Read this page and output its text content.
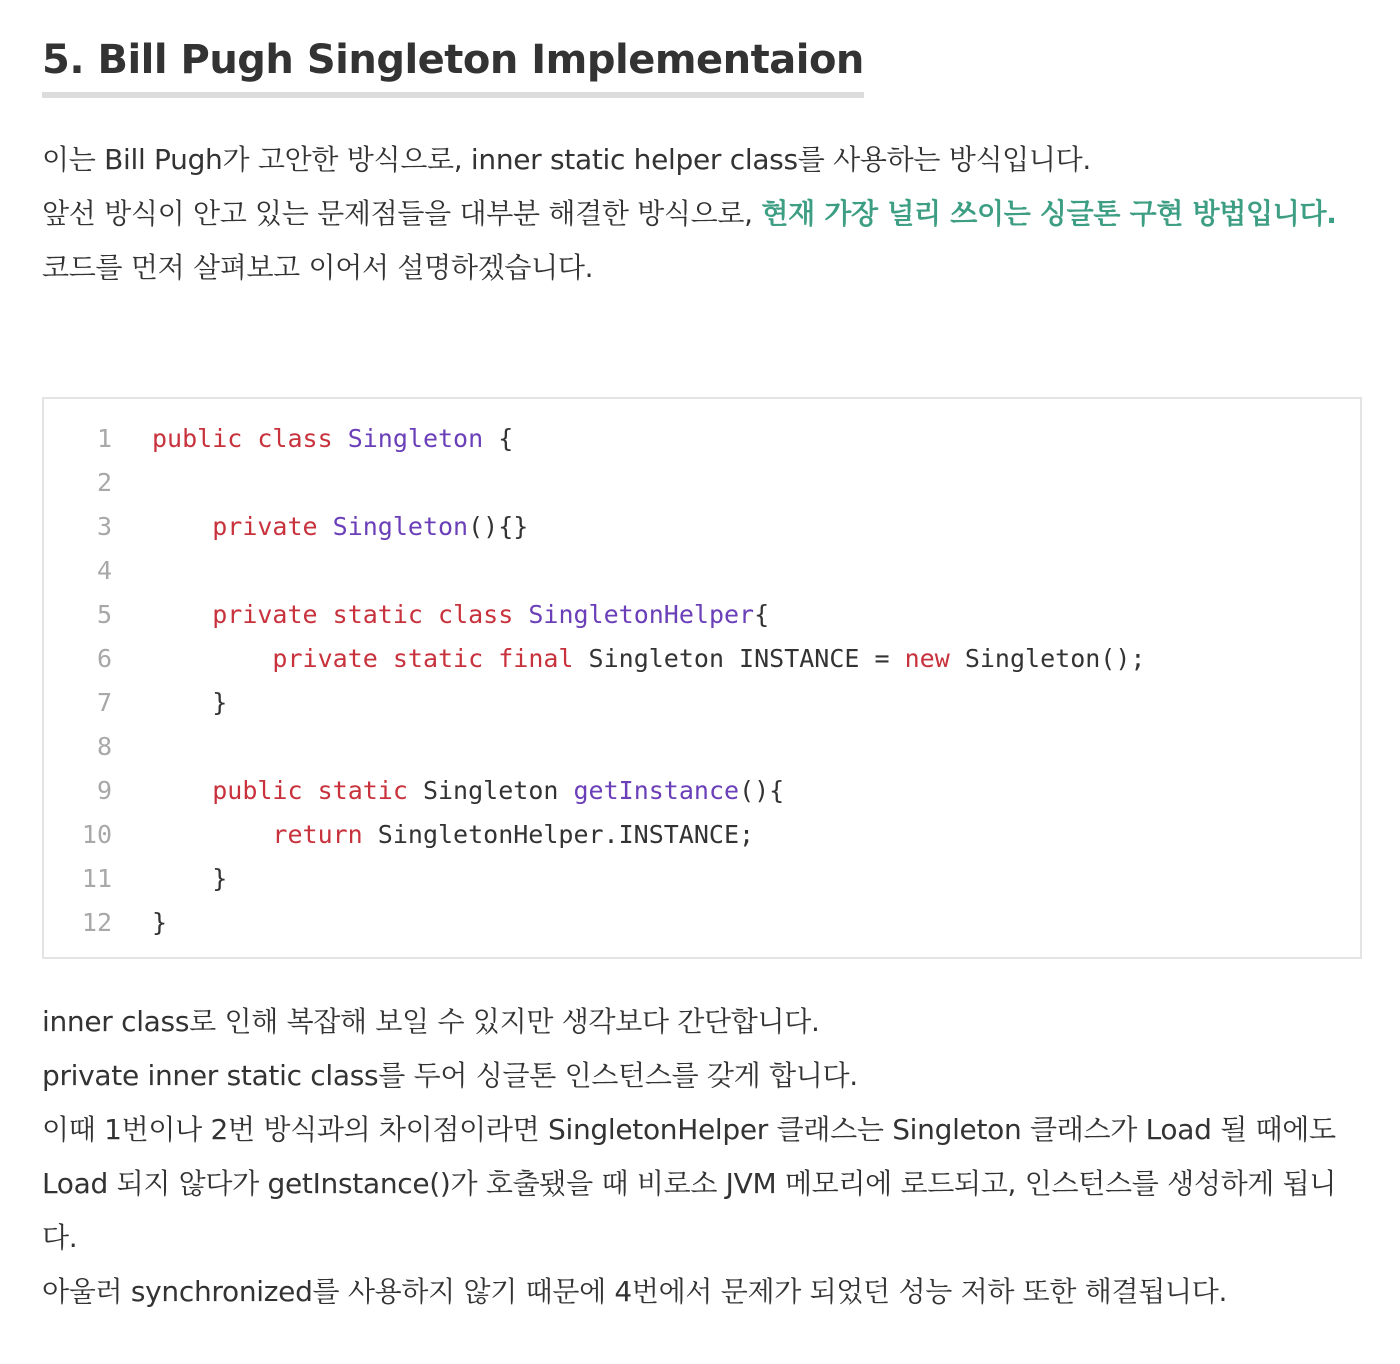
5. Bill Pugh Singleton Implementaion
이는 Bill Pugh가 고안한 방식으로, inner static helper class를 사용하는 방식입니다.
앞선 방식이 안고 있는 문제점들을 대부분 해결한 방식으로, 현재 가장 널리 쓰이는 싱글톤 구현 방법입니다.
코드를 먼저 살펴보고 이어서 설명하겠습니다.
1 public class Singleton {
2
3	private Singleton(){}
4
5	private static class SingletonHelper{
6	private static final Singleton INSTANCE = new Singleton();
7 }
8
9	public static Singleton getInstance(){
10	return SingletonHelper.INSTANCE;
11 }
12 }
inner class로 인해 복잡해 보일 수 있지만 생각보다 간단합니다.
private inner static class를 두어 싱글톤 인스턴스를 갖게 합니다.
이때 1번이나 2번 방식과의 차이점이라면 SingletonHelper 클래스는 Singleton 클래스가 Load 될 때에도 Load 되지 않다가 getInstance()가 호출됐을 때 비로소 JVM 메모리에 로드되고, 인스턴스를 생성하게 됩니다.
아울러 synchronized를 사용하지 않기 때문에 4번에서 문제가 되었던 성능 저하 또한 해결됩니다.
